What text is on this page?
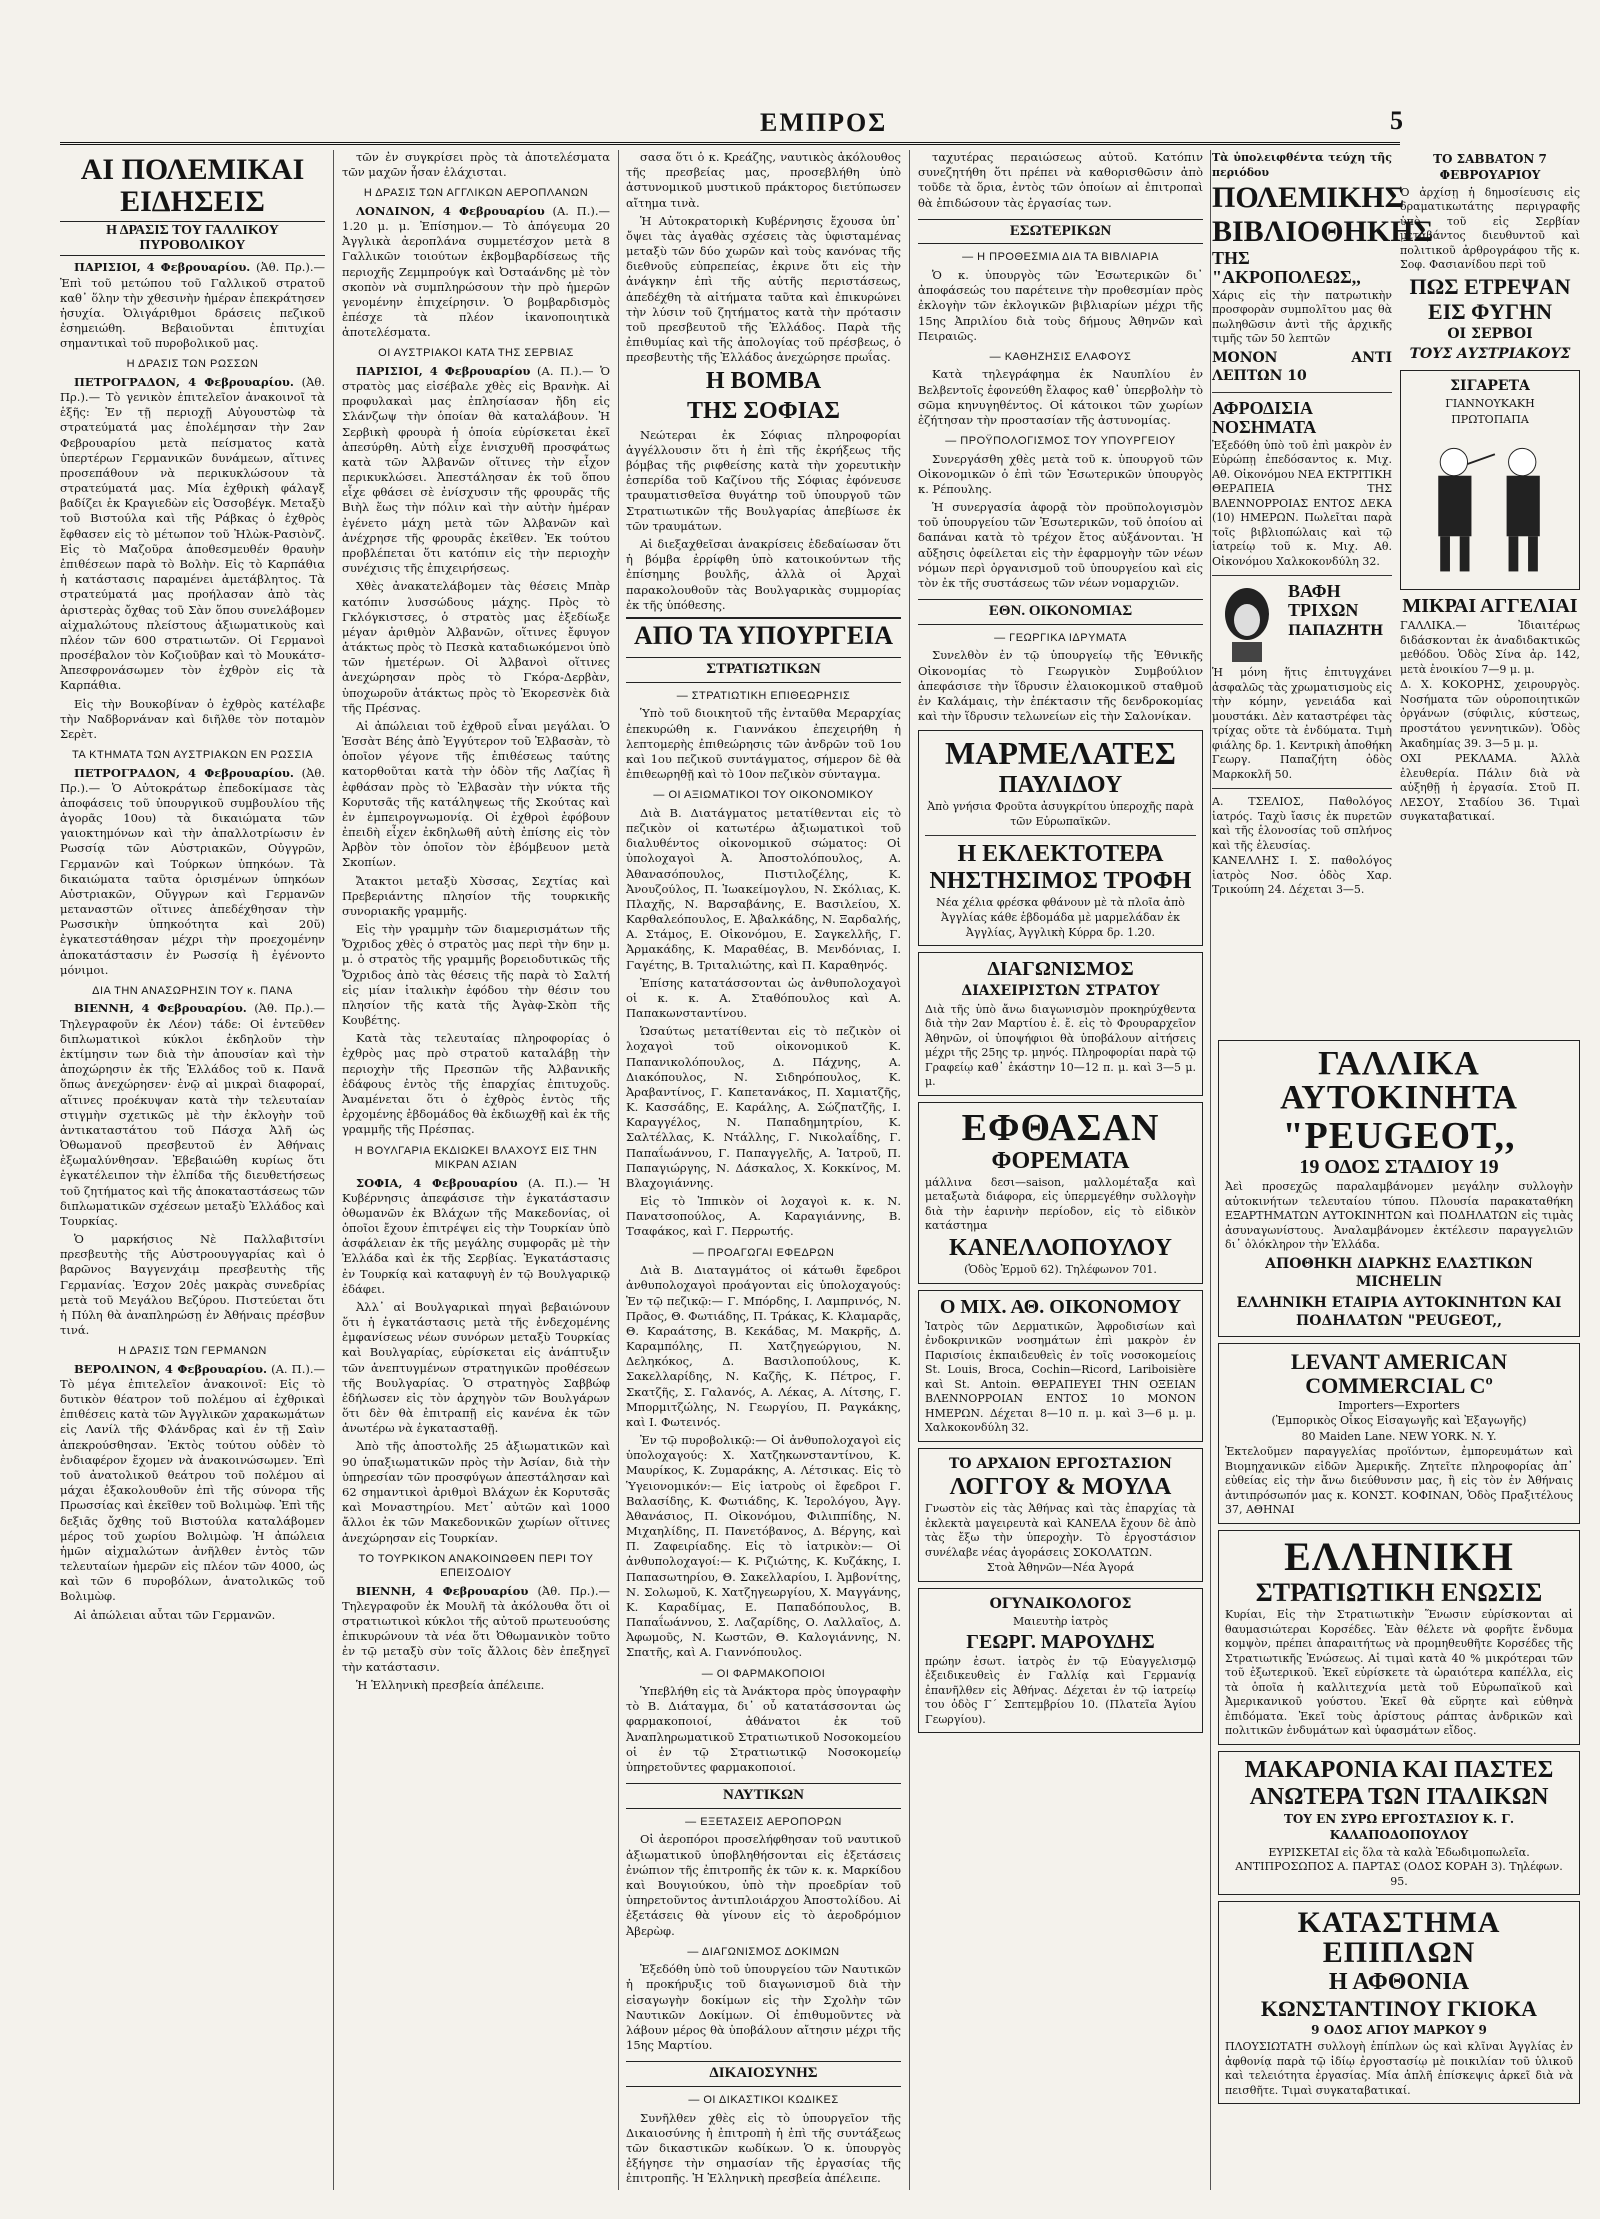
ΕΜΠΡΟΣ	5
ΑΙ ΠΟΛΕΜΙΚΑΙ ΕΙΔΗΣΕΙΣ
Η ΔΡΑΣΙΣ ΤΟΥ ΓΑΛΛΙΚΟΥ ΠΥΡΟΒΟΛΙΚΟΥ

ΠΑΡΙΣΙΟΙ, 4 Φεβρουαρίου. (Ἀθ. Πρ.).— Ἐπὶ τοῦ μετώπου τοῦ Γαλλικοῦ στρατοῦ καθ᾿ ὅλην τὴν χθεσινὴν ἡμέραν ἐπεκράτησεν ἡσυχία. Ὀλιγάριθμοι δράσεις πεζικοῦ ἐσημειώθη. Βεβαιοῦνται ἐπιτυχίαι σημαντικαὶ τοῦ πυροβολικοῦ μας.

Η ΔΡΑΣΙΣ ΤΩΝ ΡΩΣΣΩΝ

ΠΕΤΡΟΓΡΑΔΟΝ, 4 Φεβρουαρίου. (Ἀθ. Πρ.).— Τὸ γενικὸν ἐπιτελεῖον ἀνακοινοῖ τὰ ἑξῆς: Ἐν τῇ περιοχῇ Αὐγουστὼφ τὰ στρατεύματά μας ἐπολέμησαν τὴν 2αν Φεβρουαρίου μετὰ πείσματος κατὰ ὑπερτέρων Γερμανικῶν δυνάμεων, αἵτινες προσεπάθουν νὰ περικυκλώσουν τὰ στρατεύματά μας. Μία ἐχθρικὴ φάλαγξ βαδίζει ἐκ Κραγιεδὼν εἰς Ὀσσοβέγκ. Μεταξὺ τοῦ Βιστούλα καὶ τῆς Ράβκας ὁ ἐχθρὸς ἔφθασεν εἰς τὸ μέτωπον τοῦ Ἠλὼκ-Ρασιὸνζ. Εἰς τὸ Μαζοῦρα ἀποθεσμευθέν θραυὴν ἐπιθέσεων παρὰ τὸ Βολὴν. Εἰς τὸ Καρπάθια ἡ κατάστασις παραμένει ἀμετάβλητος. Τὰ στρατεύματά μας προήλασαν ἀπὸ τὰς ἀριστερὰς ὄχθας τοῦ Σὰν ὅπου συνελάβομεν αἰχμαλώτους πλείστους ἀξιωματικοὺς καὶ πλέον τῶν 600 στρατιωτῶν. Οἱ Γερμανοὶ προσέβαλον τὸν Κοζιοῦβαν καὶ τὸ Μουκάτσ-Ἀπεσφρονάσωμεν τὸν ἐχθρὸν εἰς τὰ Καρπάθια.

Εἰς τὴν Βουκοβίναν ὁ ἐχθρὸς κατέλαβε τὴν Ναδβορνάναν καὶ διῆλθε τὸν ποταμὸν Σερὲτ.

ΤΑ ΚΤΗΜΑΤΑ ΤΩΝ ΑΥΣΤΡΙΑΚΩΝ ΕΝ ΡΩΣΣΙΑ

ΠΕΤΡΟΓΡΑΔΟΝ, 4 Φεβρουαρίου. (Ἀθ. Πρ.).— Ὁ Αὐτοκράτωρ ἐπεδοκίμασε τὰς ἀποφάσεις τοῦ ὑπουργικοῦ συμβουλίου τῆς ἀγορᾶς 10ου) τὰ δικαιώματα τῶν γαιοκτημόνων καὶ τὴν ἀπαλλοτρίωσιν ἐν Ρωσσίᾳ τῶν Αὐστριακῶν, Οὐγγρῶν, Γερμανῶν καὶ Τούρκων ὑπηκόων. Τὰ δικαιώματα ταῦτα ὁρισμένων ὑπηκόων Αὐστριακῶν, Οὔγγρων καὶ Γερμανῶν μεταναστῶν οἵτινες ἀπεδέχθησαν τὴν Ρωσσικὴν ὑπηκοότητα καὶ 20ῦ) ἐγκατεστάθησαν μέχρι τὴν προεχομένην ἀποκατάστασιν ἐν Ρωσσίᾳ ἢ ἐγένοντο μόνιμοι.

ΔΙΑ ΤΗΝ ΑΝΑΣΩΡΗΣΙΝ ΤΟΥ κ. ΠΑΝΑ

ΒΙΕΝΝΗ, 4 Φεβρουαρίου. (Ἀθ. Πρ.).— Τηλεγραφοῦν ἐκ Λέον) τάδε: Οἱ ἐντεῦθεν διπλωματικοὶ κύκλοι ἐκδηλοῦν τὴν ἐκτίμησιν των διὰ τὴν ἀπουσίαν καὶ τὴν ἀποχώρησιν ἐκ τῆς Ἑλλάδος τοῦ κ. Πανᾶ ὅπως ἀνεχώρησεν· ἐνῷ αἱ μικραὶ διαφοραί, αἵτινες προέκυψαν κατὰ τὴν τελευταίαν στιγμὴν σχετικῶς μὲ τὴν ἐκλογὴν τοῦ ἀντικαταστάτου τοῦ Πάσχα Ἀλῆ ὡς Ὀθωμανοῦ πρεσβευτοῦ ἐν Ἀθήναις ἐξωμαλύνθησαν. Ἐβεβαιώθη κυρίως ὅτι ἐγκατέλειπον τὴν ἐλπίδα τῆς διευθετήσεως τοῦ ζητήματος καὶ τῆς ἀποκαταστάσεως τῶν διπλωματικῶν σχέσεων μεταξὺ Ἑλλάδος καὶ Τουρκίας.

Ὁ μαρκήσιος Νὲ Παλλαβιτσίνι πρεσβευτὴς τῆς Αὐστροουγγαρίας καὶ ὁ βαρῶνος Βαγγενχάιμ πρεσβευτὴς τῆς Γερμανίας. Ἐσχον 20ἐς μακρὰς συνεδρίας μετὰ τοῦ Μεγάλου Βεζύρου. Πιστεύεται ὅτι ἡ Πύλη θὰ ἀναπληρώσῃ ἐν Ἀθήναις πρέσβυν τινά.

Η ΔΡΑΣΙΣ ΤΩΝ ΓΕΡΜΑΝΩΝ

ΒΕΡΟΛΙΝΟΝ, 4 Φεβρουαρίου. (Α. Π.).— Τὸ μέγα ἐπιτελεῖον ἀνακοινοῖ: Εἰς τὸ δυτικὸν θέατρον τοῦ πολέμου αἱ ἐχθρικαὶ ἐπιθέσεις κατὰ τῶν Ἀγγλικῶν χαρακωμάτων εἰς Λανίλ τῆς Φλάνδρας καὶ ἐν τῇ Σαὶν ἀπεκρούσθησαν. Ἐκτὸς τούτου οὐδὲν τὸ ἐνδιαφέρον ἔχομεν νὰ ἀνακοινώσωμεν. Ἐπὶ τοῦ ἀνατολικοῦ θεάτρου τοῦ πολέμου αἱ μάχαι ἐξακολουθοῦν ἐπὶ τῆς σύνορα τῆς Πρωσσίας καὶ ἐκεῖθεν τοῦ Βολιμὼφ. Ἐπὶ τῆς δεξιᾶς ὄχθης τοῦ Βιστούλα καταλάβομεν μέρος τοῦ χωρίου Βολιμὼφ. Ἡ ἀπώλεια ἡμῶν αἰχμαλώτων ἀνῆλθεν ἐντὸς τῶν τελευταίων ἡμερῶν εἰς πλέον τῶν 4000, ὡς καὶ τῶν 6 πυροβόλων, ἀνατολικῶς τοῦ Βολιμὼφ.

Αἱ ἀπώλειαι αὗται τῶν Γερμανῶν.

τῶν ἐν συγκρίσει πρὸς τὰ ἀποτελέσματα τῶν μαχῶν ἦσαν ἐλάχισται.

Η ΔΡΑΣΙΣ ΤΩΝ ΑΓΓΛΙΚΩΝ ΑΕΡΟΠΛΑΝΩΝ

ΛΟΝΔΙΝΟΝ, 4 Φεβρουαρίου (Α. Π.).— 1.20 μ. μ. Ἐπίσημον.— Τὸ ἀπόγευμα 20 Ἀγγλικὰ ἀεροπλάνα συμμετέσχον μετὰ 8 Γαλλικῶν τοιούτων ἐκβομβαρδίσεως τῆς περιοχῆς Ζεμμπρούγκ καὶ Ὀσταάνδης μὲ τὸν σκοπὸν νὰ συμπληρώσουν τὴν πρὸ ἡμερῶν γενομένην ἐπιχείρησιν. Ὁ βομβαρδισμὸς ἐπέσχε τὰ πλέον ἱκανοποιητικὰ ἀποτελέσματα.

ΟΙ ΑΥΣΤΡΙΑΚΟΙ ΚΑΤΑ ΤΗΣ ΣΕΡΒΙΑΣ

ΠΑΡΙΣΙΟΙ, 4 Φεβρουαρίου (Α. Π.).— Ὁ στρατὸς μας εἰσέβαλε χθὲς εἰς Βρανὴκ. Αἱ προφυλακαὶ μας ἐπλησίασαν ἤδη εἰς Σλάνζωψ τὴν ὁποίαν θὰ καταλάβουν. Ἡ Σερβικὴ φρουρὰ ἡ ὁποία εὑρίσκεται ἐκεῖ ἀπεσύρθη. Αὐτὴ εἶχε ἐνισχυθῆ προσφάτως κατὰ τῶν Ἀλβανῶν οἵτινες τὴν εἶχον περικυκλώσει. Ἀπεστάλησαν ἐκ τοῦ ὅπου εἶχε φθάσει σὲ ἐνίσχυσιν τῆς φρουρᾶς τῆς Βιὴλ ἕως τὴν πόλιν καὶ τὴν αὐτὴν ἡμέραν ἐγένετο μάχη μετὰ τῶν Ἀλβανῶν καὶ ἀνέχρησε τῆς φρουρᾶς ἐκεῖθεν. Ἐκ τούτου προβλέπεται ὅτι κατόπιν εἰς τὴν περιοχὴν συνέχισις τῆς ἐπιχειρήσεως.

Χθὲς ἀνακατελάβομεν τὰς θέσεις Μπὰρ κατόπιν λυσσώδους μάχης. Πρὸς τὸ Γκλόγκιστσες, ὁ στρατὸς μας ἐξεδίωξε μέγαν ἀριθμὸν Ἀλβανῶν, οἵτινες ἔφυγον ἀτάκτως πρὸς τὸ Πεσκὰ καταδιωκόμενοι ὑπὸ τῶν ἡμετέρων. Οἱ Ἀλβανοὶ οἵτινες ἀνεχώρησαν πρὸς τὸ Γκόρα-Δερβὰν, ὑποχωροῦν ἀτάκτως πρὸς τὸ Ἐκορεσνὲκ διὰ τῆς Πρέσνας.

Αἱ ἀπώλειαι τοῦ ἐχθροῦ εἶναι μεγάλαι. Ὁ Ἐσσὰτ Βέης ἀπὸ Ἐγγύτερον τοῦ Ἐλβασὰν, τὸ ὁποῖον γέγονε τῆς ἐπιθέσεως ταύτης κατορθοῦται κατὰ τὴν ὁδὸν τῆς Λαζίας ἢ ἐφθάσαν πρὸς τὸ Ἐλβασὰν τὴν νύκτα τῆς Κορυτσᾶς τῆς κατάληψεως τῆς Σκούτας καὶ ἐν ἐμπειρογνωμονίᾳ. Οἱ ἐχθροὶ ἐφόβουν ἐπειδὴ εἶχεν ἐκδηλωθῆ αὐτὴ ἐπίσης εἰς τὸν Ἀρβὸν τὸν ὁποῖον τὸν ἐβόμβευον μετὰ Σκοπίων.

Ἄτακτοι μεταξὺ Χὺσσας, Σεχτίας καὶ Πρεβεριάντης πλησίον τῆς τουρκικῆς συνοριακῆς γραμμῆς.

Εἰς τὴν γραμμὴν τῶν διαμερισμάτων τῆς Ὄχριδος χθὲς ὁ στρατὸς μας περὶ τὴν 6ην μ. μ. ὁ στρατὸς τῆς γραμμῆς βορειοδυτικῶς τῆς Ὄχριδος ἀπὸ τὰς θέσεις τῆς παρὰ τὸ Σαλτή εἰς μίαν ἰταλικὴν ἐφόδου τὴν θέσιν του πλησίον τῆς κατὰ τῆς Ἀγὰφ-Σκὸπ τῆς Κουβέτης.

Κατὰ τὰς τελευταίας πληροφορίας ὁ ἐχθρὸς μας πρὸ στρατοῦ καταλάβῃ τὴν περιοχὴν τῆς Πρεσπῶν τῆς Ἀλβανικῆς ἐδάφους ἐντὸς τῆς ἐπαρχίας ἐπιτυχοῦς. Ἀναμένεται ὅτι ὁ ἐχθρὸς ἐντὸς τῆς ἐρχομένης ἑβδομάδος θὰ ἐκδιωχθῇ καὶ ἐκ τῆς γραμμῆς τῆς Πρέσπας.

Η ΒΟΥΛΓΑΡΙΑ ΕΚΔΙΩΚΕΙ ΒΛΑΧΟΥΣ ΕΙΣ ΤΗΝ ΜΙΚΡΑΝ ΑΣΙΑΝ

ΣΟΦΙΑ, 4 Φεβρουαρίου (Α. Π.).— Ἡ Κυβέρνησις ἀπεφάσισε τὴν ἐγκατάστασιν ὀθωμανῶν ἐκ Βλάχων τῆς Μακεδονίας, οἱ ὁποῖοι ἔχουν ἐπιτρέψει εἰς τὴν Τουρκίαν ὑπὸ ἀσφάλειαν ἐκ τῆς μεγάλης συμφορᾶς μὲ τὴν Ἑλλάδα καὶ ἐκ τῆς Σερβίας. Ἐγκατάστασις ἐν Τουρκίᾳ καὶ καταφυγὴ ἐν τῷ Βουλγαρικῷ ἐδάφει.

Ἀλλ᾿ αἱ Βουλγαρικαὶ πηγαὶ βεβαιώνουν ὅτι ἡ ἐγκατάστασις μετὰ τῆς ἐνδεχομένης ἐμφανίσεως νέων συνόρων μεταξὺ Τουρκίας καὶ Βουλγαρίας, εὑρίσκεται εἰς ἀνάπτυξιν τῶν ἀνεπτυγμένων στρατηγικῶν προθέσεων τῆς Βουλγαρίας. Ὁ στρατηγὸς Σαββώφ ἐδήλωσεν εἰς τὸν ἀρχηγὸν τῶν Βουλγάρων ὅτι δὲν θὰ ἐπιτραπῇ εἰς κανένα ἐκ τῶν ἀνωτέρω νὰ ἐγκατασταθῇ.

Ἀπὸ τῆς ἀποστολῆς 25 ἀξιωματικῶν καὶ 90 ὑπαξιωματικῶν πρὸς τὴν Ἀσίαν, διὰ τὴν ὑπηρεσίαν τῶν προσφύγων ἀπεστάλησαν καὶ 62 σημαντικοὶ ἀριθμοὶ Βλάχων ἐκ Κορυτσᾶς καὶ Μοναστηρίου. Μετ᾿ αὐτῶν καὶ 1000 ἄλλοι ἐκ τῶν Μακεδονικῶν χωρίων οἵτινες ἀνεχώρησαν εἰς Τουρκίαν.

ΤΟ ΤΟΥΡΚΙΚΟΝ ΑΝΑΚΟΙΝΩΘΕΝ ΠΕΡΙ ΤΟΥ ΕΠΕΙΣΟΔΙΟΥ

ΒΙΕΝΝΗ, 4 Φεβρουαρίου (Ἀθ. Πρ.).— Τηλεγραφοῦν ἐκ Μουλῆ τὰ ἀκόλουθα ὅτι οἱ στρατιωτικοὶ κύκλοι τῆς αὐτοῦ πρωτευούσης ἐπικυρώνουν τὰ νέα ὅτι Ὀθωμανικὸν τοῦτο ἐν τῷ μεταξὺ σὺν τοῖς ἄλλοις δὲν ἐπεξηγεῖ τὴν κατάστασιν.

Ἡ Ἑλληνικὴ πρεσβεία ἀπέλειπε.

σασα ὅτι ὁ κ. Κρεάζης, ναυτικὸς ἀκόλουθος τῆς πρεσβείας μας, προσεβλήθη ὑπὸ ἀστυνομικοῦ μυστικοῦ πράκτορος διετύπωσεν αἴτημα τινὰ.

Ἡ Αὐτοκρατορικὴ Κυβέρνησις ἔχουσα ὑπ᾿ ὄψει τὰς ἀγαθὰς σχέσεις τὰς ὑφισταμένας μεταξὺ τῶν δύο χωρῶν καὶ τοὺς κανόνας τῆς διεθνοῦς εὐπρεπείας, ἐκρινε ὅτι εἰς τὴν ἀνάγκην ἐπὶ τῆς αὐτῆς περιστάσεως, ἀπεδέχθη τὰ αἰτήματα ταῦτα καὶ ἐπικυρώνει τὴν λύσιν τοῦ ζητήματος κατὰ τὴν πρότασιν τοῦ πρεσβευτοῦ τῆς Ἑλλάδος. Παρὰ τῆς ἐπιθυμίας καὶ τῆς ἀπολογίας τοῦ πρέσβεως, ὁ πρεσβευτὴς τῆς Ἑλλάδος ἀνεχώρησε πρωΐας.

Η ΒΟΜΒΑ
ΤΗΣ ΣΟΦΙΑΣ

Νεώτεραι ἐκ Σόφιας πληροφορίαι ἀγγέλλουσιν ὅτι ἡ ἐπὶ τῆς ἐκρήξεως τῆς βόμβας τῆς ριφθείσης κατὰ τὴν χορευτικὴν ἑσπερίδα τοῦ Καζίνου τῆς Σόφιας ἐφόνευσε τραυματισθεῖσα θυγάτηρ τοῦ ὑπουργοῦ τῶν Στρατιωτικῶν τῆς Βουλγαρίας ἀπεβίωσε ἐκ τῶν τραυμάτων.

Αἱ διεξαχθεῖσαι ἀνακρίσεις ἐδεδαίωσαν ὅτι ἡ βόμβα ἐρρίφθη ὑπὸ κατοικούντων τῆς ἐπίσημης βουλῆς, ἀλλὰ οἱ Ἀρχαὶ παρακολουθοῦν τὰς Βουλγαρικὰς συμμορίας ἐκ τῆς ὑπόθεσης.

ΑΠΟ ΤΑ ΥΠΟΥΡΓΕΙΑ
ΣΤΡΑΤΙΩΤΙΚΩΝ
— ΣΤΡΑΤΙΩΤΙΚΗ ΕΠΙΘΕΩΡΗΣΙΣ

Ὑπὸ τοῦ διοικητοῦ τῆς ἐνταῦθα Μεραρχίας ἐπεκυρώθη κ. Γιαννάκου ἐπεχειρήθη ἡ λεπτομερὴς ἐπιθεώρησις τῶν ἀνδρῶν τοῦ 1ου καὶ 1ου πεζικοῦ συντάγματος, σήμερον δὲ θὰ ἐπιθεωρηθῇ καὶ τὸ 10ον πεζικὸν σύνταγμα.

— ΟΙ ΑΞΙΩΜΑΤΙΚΟΙ ΤΟΥ ΟΙΚΟΝΟΜΙΚΟΥ

Διὰ Β. Διατάγματος μετατίθενται εἰς τὸ πεζικὸν οἱ κατωτέρω ἀξιωματικοὶ τοῦ διαλυθέντος οἰκονομικοῦ σώματος: Οἱ ὑπολοχαγοὶ Ἀ. Ἀποστολόπουλος, Α. Ἀθανασόπουλος, Πιστιλοζέλης, Κ. Ἀνουζούλος, Π. Ἱωακείμογλου, Ν. Σκόλιας, Κ. Πλαχῆς, Ν. Βαρσαβάνης, Ε. Βασιλείου, Χ. Καρθαλεόπουλος, Ε. Ἀβαλκάδης, Ν. Ξαρδαλής, Α. Στάμος, Ε. Οἰκονόμου, Ε. Σαγκελλῆς, Γ. Ἀρμακάδης, Κ. Μαραθέας, Β. Μενδόνιας, Ι. Γαγέτης, Β. Τριταλιώτης, καὶ Π. Καραθηνός.

Ἐπίσης κατατάσσονται ὡς ἀνθυπολοχαγοὶ οἱ κ. κ. Α. Σταθόπουλος καὶ Α. Παπακωνσταντίνου.

Ὡσαύτως μετατίθενται εἰς τὸ πεζικὸν οἱ λοχαγοὶ τοῦ οἰκονομικοῦ Κ. Παπανικολόπουλος, Δ. Πάχνης, Α. Διακόπουλος, Ν. Σιδηρόπουλος, Κ. Ἀραβαντίνος, Γ. Καπετανάκος, Π. Χαμιατζῆς, Κ. Κασσάδης, Ε. Καράλης, Α. Σώζπατζῆς, Ι. Καραγγέλος, Ν. Παπαδημητρίου, Κ. Σαλτέλλας, Κ. Ντάλλης, Γ. Νικολαΐδης, Γ. Παπαΐωάννου, Γ. Παπαγγελῆς, Α. Ἰατροῦ, Π. Παπαγιώργης, Ν. Δάσκαλος, Χ. Κοκκίνος, Μ. Βλαχογιάννης.

Εἰς τὸ Ἱππικὸν οἱ λοχαγοὶ κ. κ. Ν. Πανατσοπούλος, Α. Καραγιάννης, Β. Τσαφάκος, καὶ Γ. Περρωτής.

— ΠΡΟΑΓΩΓΑΙ ΕΦΕΔΡΩΝ

Διὰ Β. Διαταγμάτος οἱ κάτωθι ἔφεδροι ἀνθυπολοχαγοὶ προάγονται εἰς ὑπολοχαγούς: Ἐν τῷ πεζικῷ:— Γ. Μπόρδης, Ι. Λαμπρινός, Ν. Πρᾶος, Θ. Φωτιάδης, Π. Τράκας, Κ. Κλαμαρᾶς, Θ. Καραάτσης, Β. Κεκάδας, Μ. Μακρῆς, Δ. Καραμπόλης, Π. Χατζηγεώργιου, Ν. Δεληκόκος, Δ. Βασιλοπούλους, Κ. Σακελλαρίδης, Ν. Καζῆς, Κ. Πέτρος, Γ. Σκατζῆς, Σ. Γαλανός, Α. Λέκας, Α. Λίτσης, Γ. Μπορμιτζώλης, Ν. Γεωργίου, Π. Ραγκάκης, καὶ Ι. Φωτεινός.

Ἐν τῷ πυροβολικῷ:— Οἱ ἀνθυπολοχαγοὶ εἰς ὑπολοχαγούς: Χ. Χατζηκωνσταντίνου, Κ. Μαυρίκος, Κ. Ζυμαράκης, Α. Λέτσικας. Εἰς τὸ Ὑγειονομικόν:— Εἰς ἰατροὺς οἱ ἔφεδροι Γ. Βαλασίδης, Κ. Φωτιάδης, Κ. Ἱερολόγου, Ἀγγ. Ἀθανάσιος, Π. Οἰκονόμου, Φιλιππίδης, Ν. Μιχαηλίδης, Π. Πανετόβανος, Δ. Βέργης, καὶ Π. Ζαφειρίαδης. Εἰς τὸ ἰατρικὸν:— Οἱ ἀνθυπολοχαγοί:— Κ. Ριζιώτης, Κ. Κυζάκης, Ι. Παπασωτηρίου, Θ. Σακελλαρίου, Ι. Ἀμβονίτης, Ν. Σολωμοῦ, Κ. Χατζηγεωργίου, Χ. Μαγγάνης, Κ. Καραδίμας, Ε. Παπαδόπουλος, Β. Παπαΐωάννου, Σ. Λαζαρίδης, Ο. Λαλλαῖος, Δ. Ἀφωμοῦς, Ν. Κωστῶν, Θ. Καλογιάννης, Ν. Σπατῆς, καὶ Α. Γιαννόπουλος.

— ΟΙ ΦΑΡΜΑΚΟΠΟΙΟΙ

Ὑπεβλήθη εἰς τὰ Ἀνάκτορα πρὸς ὑπογραφὴν τὸ Β. Διάταγμα, δι᾿ οὗ κατατάσσονται ὡς φαρμακοποιοί, ἀθάνατοι ἐκ τοῦ Ἀναπληρωματικοῦ Στρατιωτικοῦ Νοσοκομείου οἱ ἐν τῷ Στρατιωτικῷ Νοσοκομείῳ ὑπηρετοῦντες φαρμακοποιοί.

ΝΑΥΤΙΚΩΝ
— ΕΞΕΤΑΣΕΙΣ ΑΕΡΟΠΟΡΩΝ

Οἱ ἀεροπόροι προσελήφθησαν τοῦ ναυτικοῦ ἀξιωματικοῦ ὑποβληθήσονται εἰς ἐξετάσεις ἐνώπιον τῆς ἐπιτροπῆς ἐκ τῶν κ. κ. Μαρκίδου καὶ Βουγιούκου, ὑπὸ τὴν προεδρίαν τοῦ ὑπηρετοῦντος ἀντιπλοιάρχου Ἀποστολίδου. Αἱ ἐξετάσεις θὰ γίνουν εἰς τὸ ἀεροδρόμιον Ἀβερὼφ.

— ΔΙΑΓΩΝΙΣΜΟΣ ΔΟΚΙΜΩΝ

Ἐξεδόθη ὑπὸ τοῦ ὑπουργείου τῶν Ναυτικῶν ἡ προκήρυξις τοῦ διαγωνισμοῦ διὰ τὴν εἰσαγωγὴν δοκίμων εἰς τὴν Σχολὴν τῶν Ναυτικῶν Δοκίμων. Οἱ ἐπιθυμοῦντες νὰ λάβουν μέρος θὰ ὑποβάλουν αἴτησιν μέχρι τῆς 15ης Μαρτίου.

ΔΙΚΑΙΟΣΥΝΗΣ
— ΟΙ ΔΙΚΑΣΤΙΚΟΙ ΚΩΔΙΚΕΣ

Συνῆλθεν χθὲς εἰς τὸ ὑπουργεῖον τῆς Δικαιοσύνης ἡ ἐπιτροπὴ ἡ ἐπὶ τῆς συντάξεως τῶν δικαστικῶν κωδίκων. Ὁ κ. ὑπουργὸς ἐξήγησε τὴν σημασίαν τῆς ἐργασίας τῆς ἐπιτροπῆς. Ἡ Ἑλληνικὴ πρεσβεία ἀπέλειπε.

ταχυτέρας περαιώσεως αὐτοῦ. Κατόπιν συνεζητήθη ὅτι πρέπει νὰ καθορισθῶσιν ἀπὸ τοῦδε τὰ ὅρια, ἐντὸς τῶν ὁποίων αἱ ἐπιτροπαὶ θὰ ἐπιδώσουν τὰς ἐργασίας των.

ΕΣΩΤΕΡΙΚΩΝ
— Η ΠΡΟΘΕΣΜΙΑ ΔΙΑ ΤΑ ΒΙΒΛΙΑΡΙΑ

Ὁ κ. ὑπουργὸς τῶν Ἐσωτερικῶν δι᾿ ἀποφάσεώς του παρέτεινε τὴν προθεσμίαν πρὸς ἐκλογὴν τῶν ἐκλογικῶν βιβλιαρίων μέχρι τῆς 15ης Ἀπριλίου διὰ τοὺς δήμους Ἀθηνῶν καὶ Πειραιῶς.

— ΚΑΘΗΖΗΣΙΣ ΕΛΑΦΟΥΣ

Κατὰ τηλεγράφημα ἐκ Ναυπλίου ἐν Βελβεντοῖς ἐφονεύθη ἔλαφος καθ᾿ ὑπερβολὴν τὸ σῶμα κηνυγηθέντος. Οἱ κάτοικοι τῶν χωρίων ἐζήτησαν τὴν προστασίαν τῆς ἀστυνομίας.

— ΠΡΟΫΠΟΛΟΓΙΣΜΟΣ ΤΟΥ ΥΠΟΥΡΓΕΙΟΥ

Συνεργάσθη χθὲς μετὰ τοῦ κ. ὑπουργοῦ τῶν Οἰκονομικῶν ὁ ἐπὶ τῶν Ἐσωτερικῶν ὑπουργὸς κ. Ρέπουλης.

Ἡ συνεργασία ἀφορᾷ τὸν προϋπολογισμὸν τοῦ ὑπουργείου τῶν Ἐσωτερικῶν, τοῦ ὁποίου αἱ δαπάναι κατὰ τὸ τρέχον ἔτος αὐξάνονται. Ἡ αὔξησις ὀφείλεται εἰς τὴν ἐφαρμογὴν τῶν νέων νόμων περὶ ὀργανισμοῦ τοῦ ὑπουργείου καὶ εἰς τὸν ἐκ τῆς συστάσεως τῶν νέων νομαρχιῶν.

ΕΘΝ. ΟΙΚΟΝΟΜΙΑΣ
— ΓΕΩΡΓΙΚΑ ΙΔΡΥΜΑΤΑ

Συνελθὸν ἐν τῷ ὑπουργείῳ τῆς Ἐθνικῆς Οἰκονομίας τὸ Γεωργικὸν Συμβούλιον ἀπεφάσισε τὴν ἵδρυσιν ἐλαιοκομικοῦ σταθμοῦ ἐν Καλάμαις, τὴν ἐπέκτασιν τῆς δενδροκομίας καὶ τὴν ἵδρυσιν τελωνείων εἰς τὴν Σαλονίκαν.

ΜΑΡΜΕΛΑΤΕΣ
ΠΑΥΛΙΔΟΥ
Ἀπὸ γνήσια Φροῦτα ἀσυγκρίτου ὑπεροχῆς παρὰ τῶν Εὐρωπαϊκῶν.
Η ΕΚΛΕΚΤΟΤΕΡΑ
ΝΗΣΤΗΣΙΜΟΣ ΤΡΟΦΗ
Νέα χέλια φρέσκα φθάνουν μὲ τὰ πλοῖα ἀπὸ Ἀγγλίας κάθε ἑβδομάδα μὲ μαρμελάδαν ἐκ Ἀγγλίας, Ἀγγλικὴ Κύρρα δρ. 1.20.
ΔΙΑΓΩΝΙΣΜΟΣ
ΔΙΑΧΕΙΡΙΣΤΩΝ ΣΤΡΑΤΟΥ
Διὰ τῆς ὑπὸ ἄνω διαγωνισμὸν προκηρύχθεντα διὰ τὴν 2αν Μαρτίου ἐ. ἔ. εἰς τὸ Φρουραρχεῖον Ἀθηνῶν, οἱ ὑποψήφιοι θὰ ὑποβάλουν αἰτήσεις μέχρι τῆς 25ης τρ. μηνός. Πληροφορίαι παρὰ τῷ Γραφείῳ καθ᾿ ἑκάστην 10—12 π. μ. καὶ 3—5 μ. μ.
ΕΦΘΑΣΑΝ
ΦΟΡΕΜΑΤΑ
μάλλινα δεσι—saison, μαλλομέταξα καὶ μεταξωτὰ διάφορα, εἰς ὑπερμεγέθην συλλογὴν διὰ τὴν ἐαρινὴν περίοδον, εἰς τὸ εἰδικὸν κατάστημα
ΚΑΝΕΛΛΟΠΟΥΛΟΥ
(Ὁδὸς Ἑρμοῦ 62). Τηλέφωνον 701.
Ο ΜΙΧ. ΑΘ. ΟΙΚΟΝΟΜΟΥ
Ἰατρὸς τῶν Δερματικῶν, Ἀφροδισίων καὶ ἐνδοκρινικῶν νοσημάτων ἐπὶ μακρὸν ἐν Παρισίοις ἐκπαιδευθεὶς ἐν τοῖς νοσοκομείοις St. Louis, Broca, Cochin—Ricord, Lariboisière καὶ St. Antoin. ΘΕΡΑΠΕΥΕΙ ΤΗΝ ΟΞΕΙΑΝ ΒΛΕΝΝΟΡΡΟΙΑΝ ΕΝΤΟΣ 10 ΜΟΝΟΝ ΗΜΕΡΩΝ. Δέχεται 8—10 π. μ. καὶ 3—6 μ. μ. Χαλκοκονδύλη 32.
ΤΟ ΑΡΧΑΙΟΝ ΕΡΓΟΣΤΑΣΙΟΝ
ΛΟΓΓΟΥ & ΜΟΥΛΑ
Γνωστὸν εἰς τὰς Ἀθήνας καὶ τὰς ἐπαρχίας τὰ ἐκλεκτὰ μαγειρευτὰ καὶ ΚΑΝΕΛΑ ἔχουν δὲ ἀπὸ τὰς ἔξω τὴν ὑπεροχὴν. Τὸ ἐργοστάσιον συνέλαβε νέας ἀγοράσεις ΣΟΚΟΛΑΤΩΝ.
Στοὰ Ἀθηνῶν—Νέα Ἀγορά
ΟΓΥΝΑΙΚΟΛΟΓΟΣ
Μαιευτὴρ ἰατρὸς
ΓΕΩΡΓ. ΜΑΡΟΥΔΗΣ
πρώην ἐσωτ. ἰατρὸς ἐν τῷ Εὐαγγελισμῷ ἐξειδικευθεὶς ἐν Γαλλίᾳ καὶ Γερμανίᾳ ἐπανῆλθεν εἰς Ἀθήνας. Δέχεται ἐν τῷ ἰατρείῳ του ὁδὸς Γ΄ Σεπτεμβρίου 10. (Πλατεῖα Ἁγίου Γεωργίου).
Τὰ ὑπολειφθέντα τεύχη τῆς περιόδου
ΠΟΛΕΜΙΚΗΣ
ΒΙΒΛΙΟΘΗΚΗΣ
ΤΗΣ "ΑΚΡΟΠΟΛΕΩΣ,,
Χάρις εἰς τὴν πατρωτικὴν προσφορὰν συμπολῖτου μας θὰ πωληθῶσιν ἀντὶ τῆς ἀρχικῆς τιμῆς τῶν 50 λεπτῶν
ΜΟΝΟΝ ΑΝΤΙ ΛΕΠΤΩΝ 10
ΑΦΡΟΔΙΣΙΑ ΝΟΣΗΜΑΤΑ
Ἐξεδόθη ὑπὸ τοῦ ἐπὶ μακρὸν ἐν Εὐρώπῃ ἐπεδόσαντος κ. Μιχ. Αθ. Οἰκονόμου ΝΕΑ ΕΚΤΡΙΤΙΚΗ ΘΕΡΑΠΕΙΑ ΤΗΣ ΒΛΕΝΝΟΡΡΟΙΑΣ ΕΝΤΟΣ ΔΕΚΑ (10) ΗΜΕΡΩΝ. Πωλεῖται παρὰ τοῖς βιβλιοπώλαις καὶ τῷ ἰατρείῳ τοῦ κ. Μιχ. Αθ. Οἰκονόμου Χαλκοκονδύλη 32.
ΒΑΦΗ ΤΡΙΧΩΝ
ΠΑΠΑΖΗΤΗ
Ἡ μόνη ἥτις ἐπιτυγχάνει ἀσφαλῶς τὰς χρωματισμοὺς εἰς τὴν κόμην, γενειάδα καὶ μουστάκι. Δὲν καταστρέφει τὰς τρίχας οὔτε τὰ ἐνδύματα. Τιμὴ φιάλης δρ. 1. Κεντρικὴ ἀποθήκη Γεωργ. Παπαζήτη ὁδὸς Μαρκοκλῆ 50.
Α. ΤΣΕΛΙΟΣ, Παθολόγος ἰατρός. Ταχὺ ἴασις ἐκ πυρετῶν καὶ τῆς ἑλονοσίας τοῦ σπλήνος καὶ τῆς ἐλευσίας.
ΚΑΝΕΛΛΗΣ Ι. Σ. παθολόγος ἰατρὸς Νοσ. ὁδὸς Χαρ. Τρικούπη 24. Δέχεται 3—5.
ΤΟ ΣΑΒΒΑΤΟΝ 7 ΦΕΒΡΟΥΑΡΙΟΥ
Ὁ ἀρχίσῃ ἡ δημοσίευσις εἰς δραματικωτάτης περιγραφῆς ὑπὸ τοῦ εἰς Σερβίαν μεταβάντος διευθυντοῦ καὶ πολιτικοῦ ἀρθρογράφου τῆς κ. Σοφ. Φασιανίδου περὶ τοῦ
ΠΩΣ ΕΤΡΕΨΑΝ
ΕΙΣ ΦΥΓΗΝ
ΟΙ ΣΕΡΒΟΙ
ΤΟΥΣ ΑΥΣΤΡΙΑΚΟΥΣ
ΣΙΓΑΡΕΤΑ
ΓΙΑΝΝΟΥΚΑΚΗ
ΠΡΩΤΟΠΑΠΑ
ΜΙΚΡΑΙ ΑΓΓΕΛΙΑΙ
ΓΑΛΛΙΚΑ.— Ἰδιαιτέρως διδάσκονται ἐκ ἀναδιδακτικῶς μεθόδου. Ὁδὸς Σίνα ἀρ. 142, μετὰ ἐνοικίου 7—9 μ. μ.
Δ. Χ. ΚΟΚΟΡΗΣ, χειρουργὸς. Νοσήματα τῶν οὐροποιητικῶν ὀργάνων (σύφιλις, κύστεως, προστάτου γεννητικῶν). Ὁδὸς Ἀκαδημίας 39. 3—5 μ. μ.
ΟΧΙ ΡΕΚΛΑΜΑ. Ἀλλὰ ἐλευθερία. Πάλιν διὰ νὰ αὐξηθῇ ἡ ἐργασία. Στοῦ Π. ΛΕΣΟΥ, Σταδίου 36. Τιμαὶ συγκαταβατικαί.
ΓΑΛΛΙΚΑ ΑΥΤΟΚΙΝΗΤΑ
"PEUGEOT,,
19 ΟΔΟΣ ΣΤΑΔΙΟΥ 19
Ἀεὶ προσεχῶς παραλαμβάνομεν μεγάλην συλλογὴν αὐτοκινήτων τελευταίου τύπου. Πλουσία παρακαταθήκη ΕΞΑΡΤΗΜΑΤΩΝ ΑΥΤΟΚΙΝΗΤΩΝ καὶ ΠΟΔΗΛΑΤΩΝ εἰς τιμὰς ἀσυναγωνίστους. Ἀναλαμβάνομεν ἐκτέλεσιν παραγγελιῶν δι᾿ ὁλόκληρον τὴν Ἑλλάδα.
ΑΠΟΘΗΚΗ ΔΙΑΡΚΗΣ ΕΛΑΣΤΙΚΩΝ MICHELIN
ΕΛΛΗΝΙΚΗ ΕΤΑΙΡΙΑ ΑΥΤΟΚΙΝΗΤΩΝ ΚΑΙ ΠΟΔΗΛΑΤΩΝ "PEUGEOT,,
LEVANT AMERICAN COMMERCIAL Cº
Importers—Exporters
(Ἐμπορικὸς Οἶκος Εἰσαγωγῆς καὶ Ἐξαγωγῆς)
80 Maiden Lane. NEW YORK. N. Y.
Ἐκτελοῦμεν παραγγελίας προϊόντων, ἐμπορευμάτων καὶ Βιομηχανικῶν εἰδῶν Ἀμερικῆς. Ζητεῖτε πληροφορίας ἀπ᾿ εὐθείας εἰς τὴν ἄνω διεύθυνσιν μας, ἢ εἰς τὸν ἐν Ἀθήναις ἀντιπρόσωπόν μας κ. ΚΟΝΣΤ. ΚΟΦΙΝΑΝ, Ὁδὸς Πραξιτέλους 37, ΑΘΗΝΑΙ
ΕΛΛΗΝΙΚΗ
ΣΤΡΑΤΙΩΤΙΚΗ ΕΝΩΣΙΣ
Κυρίαι, Εἰς τὴν Στρατιωτικὴν Ἕνωσιν εὑρίσκονται αἱ θαυμασιώτεραι Κορσέδες. Ἐὰν θέλετε νὰ φορῆτε ἔνδυμα κομψὸν, πρέπει ἀπαραιτήτως νὰ προμηθευθῆτε Κορσέδες τῆς Στρατιωτικῆς Ἑνώσεως. Αἱ τιμαὶ κατὰ 40 % μικρότεραι τῶν τοῦ ἐξωτερικοῦ. Ἐκεῖ εὑρίσκετε τὰ ὡραιότερα καπέλλα, εἰς τὰ ὁποῖα ἡ καλλιτεχνία μετὰ τοῦ Εὐρωπαϊκοῦ καὶ Ἀμερικανικοῦ γούστου. Ἐκεῖ θὰ εὕρητε καὶ εὐθηνὰ ἐπιδόματα. Ἐκεῖ τοὺς ἀρίστους ράπτας ἀνδρικῶν καὶ πολιτικῶν ἐνδυμάτων καὶ ὑφασμάτων εἴδος.
ΜΑΚΑΡΟΝΙΑ ΚΑΙ ΠΑΣΤΕΣ
ΑΝΩΤΕΡΑ ΤΩΝ ΙΤΑΛΙΚΩΝ
ΤΟΥ ΕΝ ΣΥΡΩ ΕΡΓΟΣΤΑΣΙΟΥ Κ. Γ. ΚΑΛΑΠΟΔΟΠΟΥΛΟΥ
ΕΥΡΙΣΚΕΤΑΙ εἰς ὅλα τὰ καλὰ Ἐδωδιμοπωλεῖα. ΑΝΤΙΠΡΟΣΩΠΟΣ Α. ΠΑΡΤΑΣ (ΟΔΟΣ ΚΟΡΑΗ 3). Τηλέφων. 95.
ΚΑΤΑΣΤΗΜΑ ΕΠΙΠΛΩΝ
Η ΑΦΘΟΝΙΑ
ΚΩΝΣΤΑΝΤΙΝΟΥ ΓΚΙΟΚΑ
9 ΟΔΟΣ ΑΓΙΟΥ ΜΑΡΚΟΥ 9
ΠΛΟΥΣΙΩΤΑΤΗ συλλογὴ ἐπίπλων ὡς καὶ κλῖναι Ἀγγλίας ἐν ἀφθονίᾳ παρὰ τῷ ἰδίῳ ἐργοστασίῳ μὲ ποικιλίαν τοῦ ὑλικοῦ καὶ τελειότητα ἐργασίας. Μία ἁπλῆ ἐπίσκεψις ἀρκεῖ διὰ νὰ πεισθῆτε. Τιμαὶ συγκαταβατικαί.
